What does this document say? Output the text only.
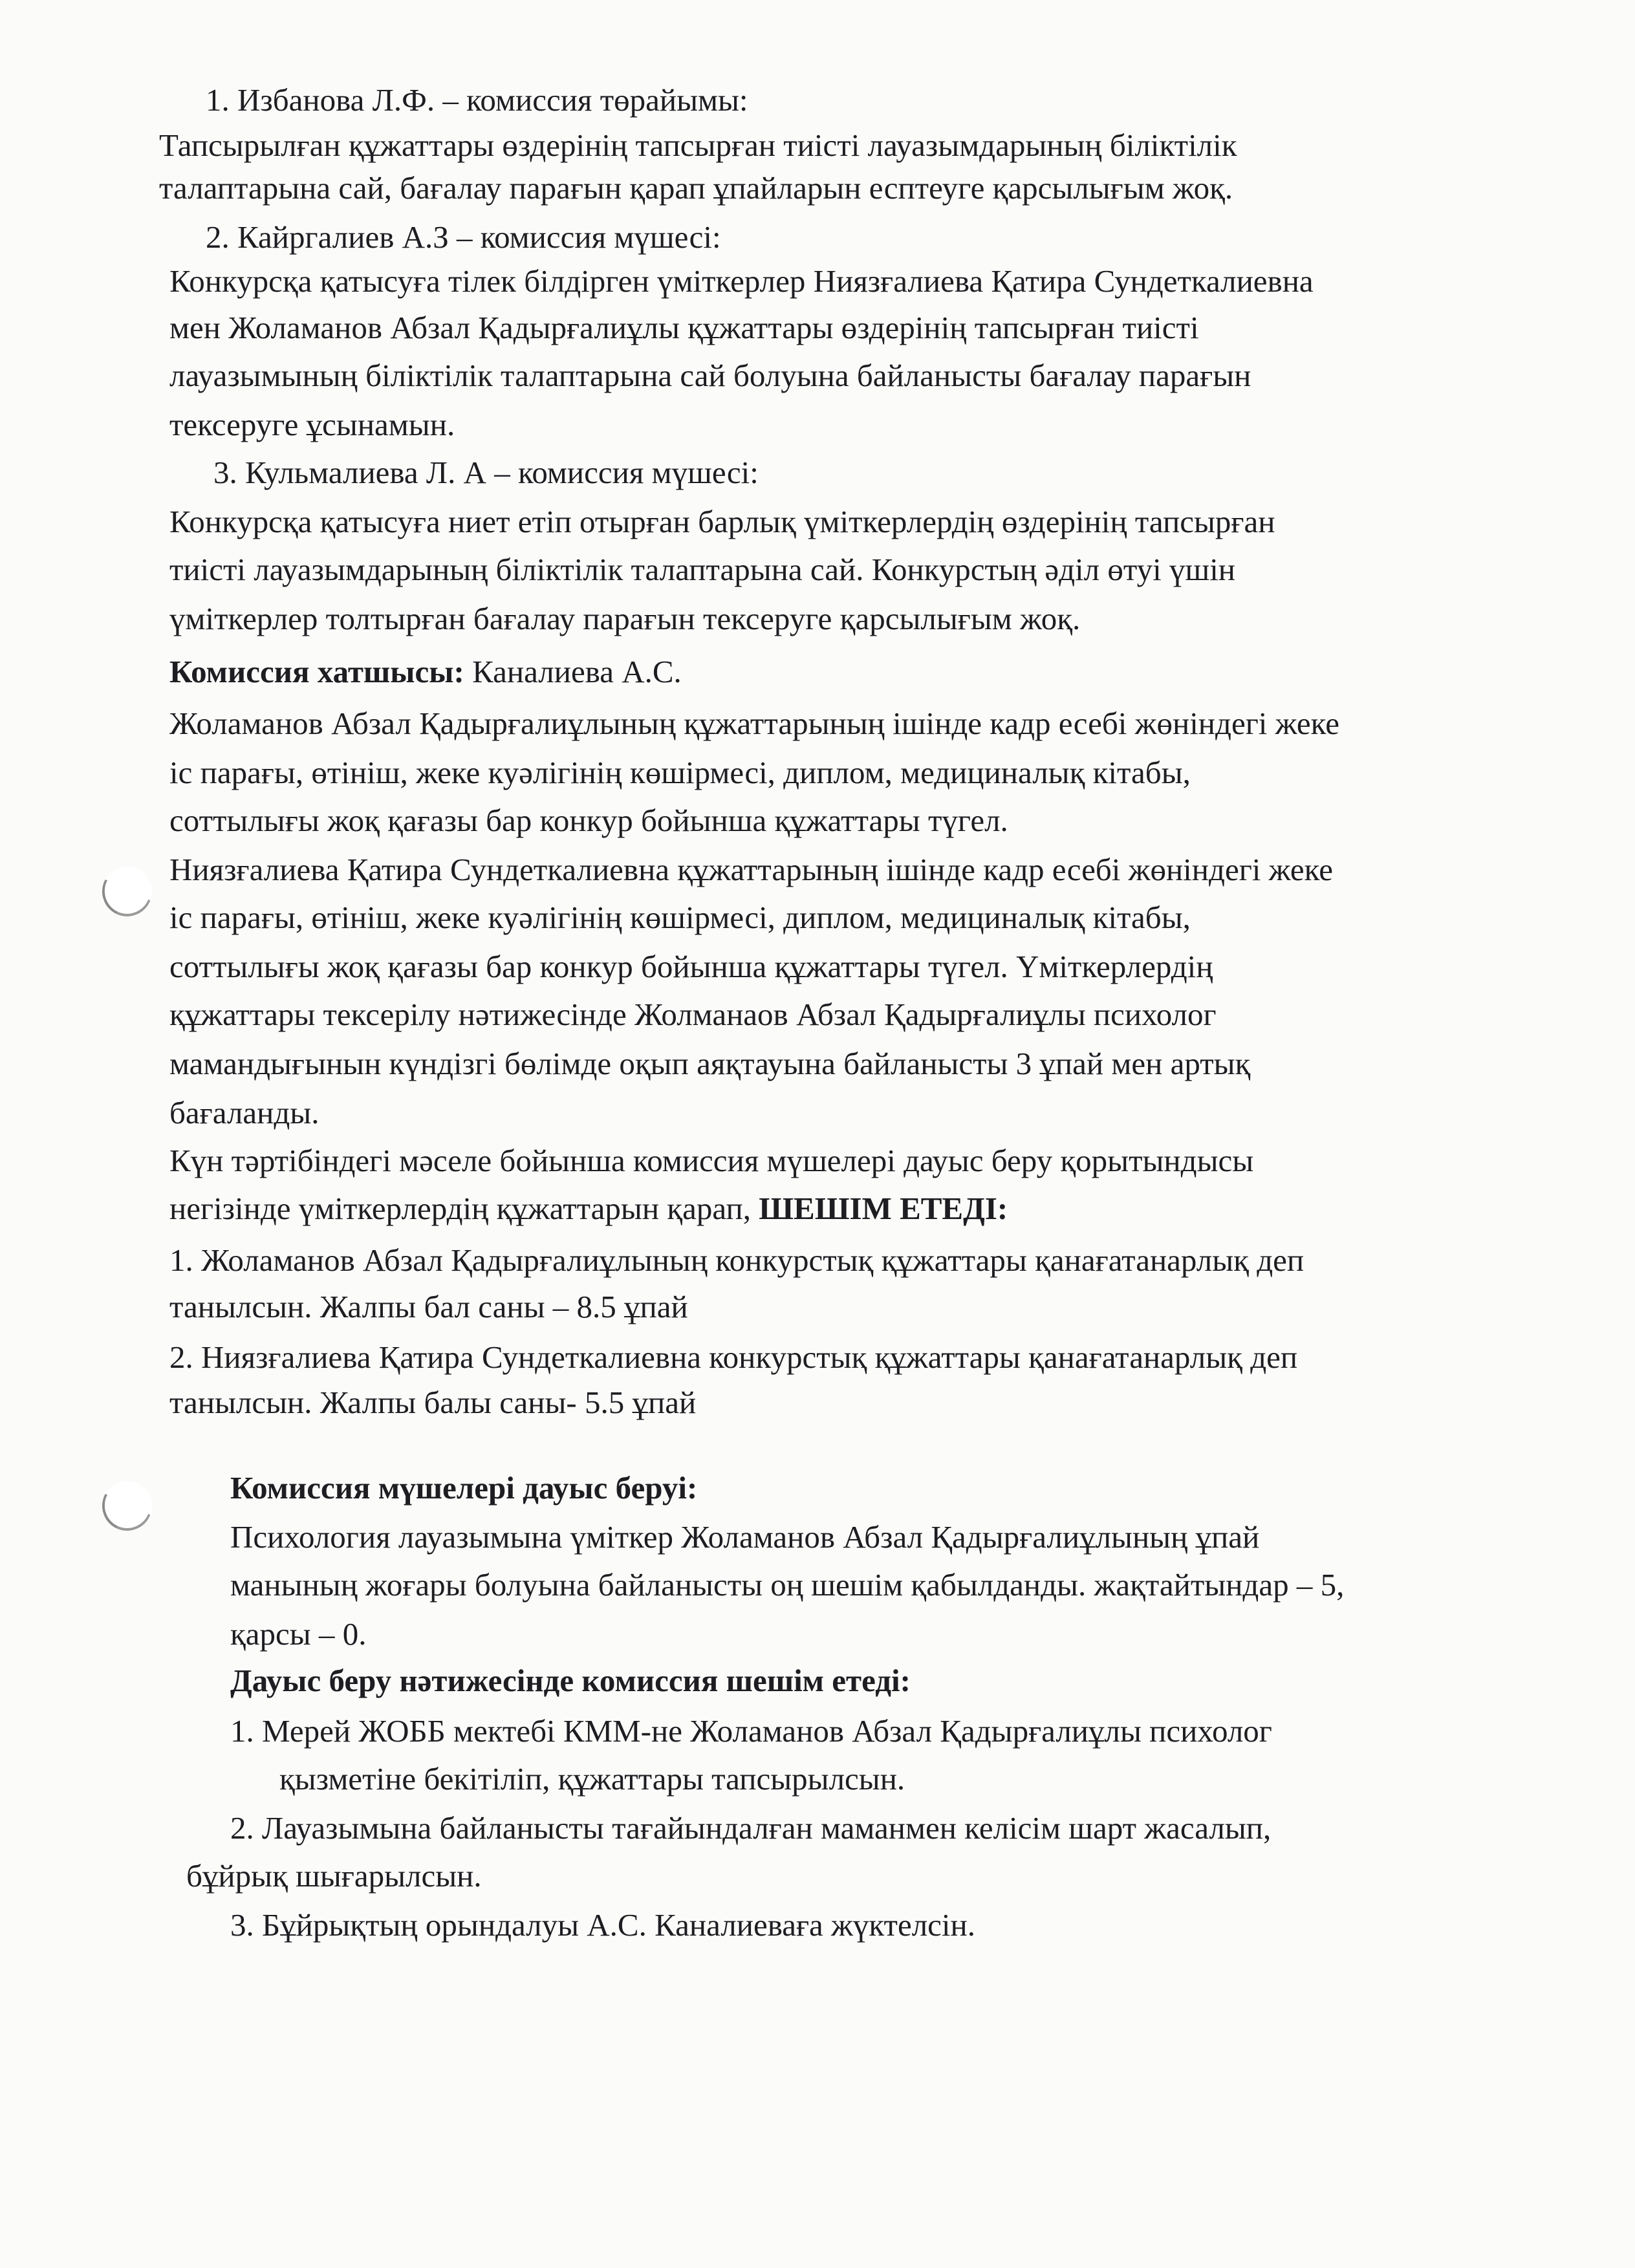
1. Избанова Л.Ф. – комиссия төрайымы:
Тапсырылған құжаттары өздерінің тапсырған тиісті лауазымдарының біліктілік
талаптарына сай, бағалау парағын қарап ұпайларын есптеуге қарсылығым жоқ.
2. Кайргалиев А.З – комиссия мүшесі:
Конкурсқа қатысуға тілек білдірген үміткерлер Ниязғалиева Қатира Сундеткалиевна
мен Жоламанов Абзал Қадырғалиұлы құжаттары өздерінің тапсырған тиісті
лауазымының біліктілік талаптарына сай болуына байланысты бағалау парағын
тексеруге ұсынамын.
3. Кульмалиева Л. А – комиссия мүшесі:
Конкурсқа қатысуға ниет етіп отырған барлық үміткерлердің өздерінің тапсырған
тиісті лауазымдарының біліктілік талаптарына сай. Конкурстың әділ өтуі үшін
үміткерлер толтырған бағалау парағын тексеруге қарсылығым жоқ.
Комиссия хатшысы: Каналиева А.С.
Жоламанов Абзал Қадырғалиұлының құжаттарының ішінде кадр есебі жөніндегі жеке
іс парағы, өтініш, жеке куәлігінің көшірмесі, диплом, медициналық кітабы,
соттылығы жоқ қағазы бар конкур бойынша құжаттары түгел.
Ниязғалиева Қатира Сундеткалиевна құжаттарының ішінде кадр есебі жөніндегі жеке
іс парағы, өтініш, жеке куәлігінің көшірмесі, диплом, медициналық кітабы,
соттылығы жоқ қағазы бар конкур бойынша құжаттары түгел. Үміткерлердің
құжаттары тексерілу нәтижесінде Жолманаов Абзал Қадырғалиұлы психолог
мамандығынын күндізгі бөлімде оқып аяқтауына байланысты 3 ұпай мен артық
бағаланды.
Күн тәртібіндегі мәселе бойынша комиссия мүшелері дауыс беру қорытындысы
негізінде үміткерлердің құжаттарын қарап, ШЕШІМ ЕТЕДІ:
1. Жоламанов Абзал Қадырғалиұлының конкурстық құжаттары қанағатанарлық деп
танылсын. Жалпы бал саны – 8.5 ұпай
2. Ниязғалиева Қатира Сундеткалиевна конкурстық құжаттары қанағатанарлық деп
танылсын. Жалпы балы саны- 5.5 ұпай
Комиссия мүшелері дауыс беруі:
Психология лауазымына үміткер Жоламанов Абзал Қадырғалиұлының ұпай
манының жоғары болуына байланысты оң шешім қабылданды. жақтайтындар – 5,
қарсы – 0.
Дауыс беру нәтижесінде комиссия шешім етеді:
1. Мерей ЖОББ мектебі КММ-не Жоламанов Абзал Қадырғалиұлы психолог
қызметіне бекітіліп, құжаттары тапсырылсын.
2. Лауазымына байланысты тағайындалған маманмен келісім шарт жасалып,
бұйрық шығарылсын.
3. Бұйрықтың орындалуы А.С. Каналиеваға жүктелсін.
